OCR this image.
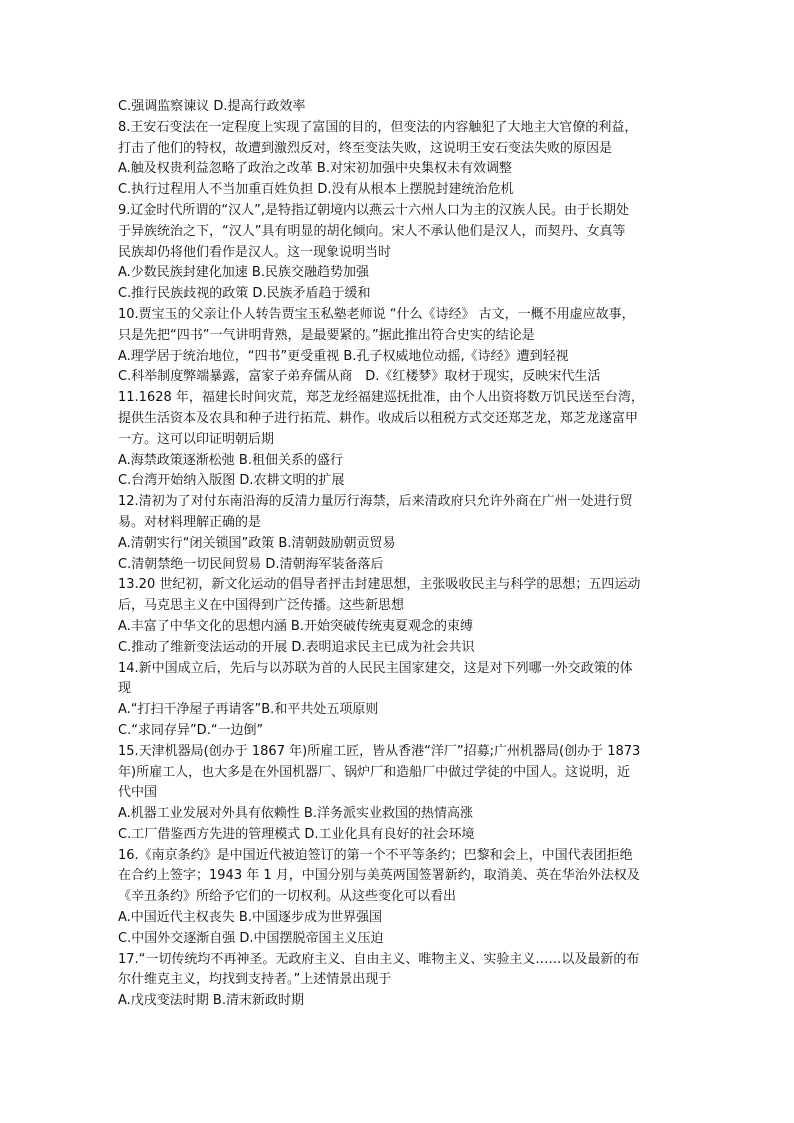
C.强调监察谏议 D.提高行政效率
8.王安石变法在一定程度上实现了富国的目的，但变法的内容触犯了大地主大官僚的利益，
打击了他们的特权，故遭到激烈反对，终至变法失败，这说明王安石变法失败的原因是
A.触及权贵利益忽略了政治之改革 B.对宋初加强中央集权未有效调整
C.执行过程用人不当加重百姓负担 D.没有从根本上摆脱封建统治危机
9.辽金时代所谓的“汉人”,是特指辽朝境内以燕云十六州人口为主的汉族人民。由于长期处
于异族统治之下，“汉人”具有明显的胡化倾向。宋人不承认他们是汉人，而契丹、女真等
民族却仍将他们看作是汉人。这一现象说明当时
A.少数民族封建化加速 B.民族交融趋势加强
C.推行民族歧视的政策 D.民族矛盾趋于缓和
10.贾宝玉的父亲让仆人转告贾宝玉私塾老师说 “什么《诗经》 古文，一概不用虚应故事，
只是先把“四书”一气讲明背熟，是最要紧的。”据此推出符合史实的结论是
A.理学居于统治地位，“四书”更受重视 B.孔子权威地位动摇,《诗经》遭到轻视
C.科举制度弊端暴露，富家子弟弃儒从商　D.《红楼梦》取材于现实，反映宋代生活
11.1628 年，福建长时间灾荒，郑芝龙经福建巡抚批准，由个人出资将数万饥民送至台湾，
提供生活资本及农具和种子进行拓荒、耕作。收成后以租税方式交还郑芝龙，郑芝龙遂富甲
一方。这可以印证明朝后期
A.海禁政策逐渐松弛 B.租佃关系的盛行
C.台湾开始纳入版图 D.农耕文明的扩展
12.清初为了对付东南沿海的反清力量厉行海禁，后来清政府只允许外商在广州一处进行贸
易。对材料理解正确的是
A.清朝实行“闭关锁国”政策 B.清朝鼓励朝贡贸易
C.清朝禁绝一切民间贸易 D.清朝海军装备落后
13.20 世纪初，新文化运动的倡导者抨击封建思想，主张吸收民主与科学的思想；五四运动
后，马克思主义在中国得到广泛传播。这些新思想
A.丰富了中华文化的思想内涵 B.开始突破传统夷夏观念的束缚
C.推动了维新变法运动的开展 D.表明追求民主已成为社会共识
14.新中国成立后，先后与以苏联为首的人民民主国家建交，这是对下列哪一外交政策的体
现
A.“打扫干净屋子再请客”B.和平共处五项原则
C.“求同存异”D.“一边倒”
15.天津机器局(创办于 1867 年)所雇工匠，皆从香港“洋厂”招募;广州机器局(创办于 1873
年)所雇工人，也大多是在外国机器厂、锅炉厂和造船厂中做过学徒的中国人。这说明，近
代中国
A.机器工业发展对外具有依赖性 B.洋务派实业救国的热情高涨
C.工厂借鉴西方先进的管理模式 D.工业化具有良好的社会环境
16.《南京条约》是中国近代被迫签订的第一个不平等条约；巴黎和会上，中国代表团拒绝
在合约上签字；1943 年 1 月，中国分别与美英两国签署新约，取消美、英在华治外法权及
《辛丑条约》所给予它们的一切权利。从这些变化可以看出
A.中国近代主权丧失 B.中国逐步成为世界强国
C.中国外交逐渐自强 D.中国摆脱帝国主义压迫
17.“一切传统均不再神圣。无政府主义、自由主义、唯物主义、实验主义……以及最新的布
尔什维克主义，均找到支持者。”上述情景出现于
A.戊戌变法时期 B.清末新政时期
